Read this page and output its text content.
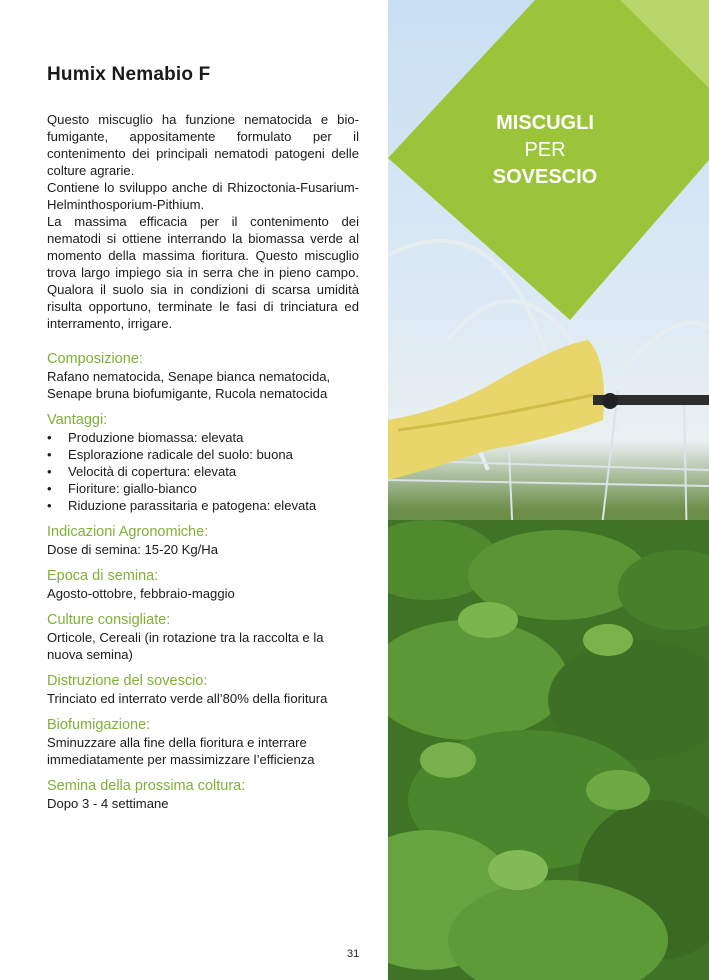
Humix Nemabio F

Questo miscuglio ha funzione nematocida e bio-fumigante, appositamente formulato per il contenimento dei principali nematodi patogeni delle colture agrarie.

Contiene lo sviluppo anche di Rhizoctonia-Fusarium-Helminthosporium-Pithium.

La massima efficacia per il contenimento dei nematodi si ottiene interrando la biomassa verde al momento della massima fioritura. Questo miscuglio trova largo impiego sia in serra che in pieno campo. Qualora il suolo sia in condizioni di scarsa umidità risulta opportuno, terminate le fasi di trinciatura ed interramento, irrigare.

Composizione:

Rafano nematocida, Senape bianca nematocida, Senape bruna biofumigante, Rucola nematocida

Vantaggi:
• Produzione biomassa: elevata
• Esplorazione radicale del suolo: buona
• Velocità di copertura: elevata
• Fioriture: giallo-bianco
• Riduzione parassitaria e patogena: elevata
Indicazioni Agronomiche:

Dose di semina: 15-20 Kg/Ha

Epoca di semina:

Agosto-ottobre, febbraio-maggio

Culture consigliate:

Orticole, Cereali (in rotazione tra la raccolta e la nuova semina)

Distruzione del sovescio:

Trinciato ed interrato verde all’80% della fioritura

Biofumigazione:

Sminuzzare alla fine della fioritura e interrare immediatamente per massimizzare l’efficienza

Semina della prossima coltura:

Dopo 3 - 4 settimane

31
MISCUGLI
PER
SOVESCIO
